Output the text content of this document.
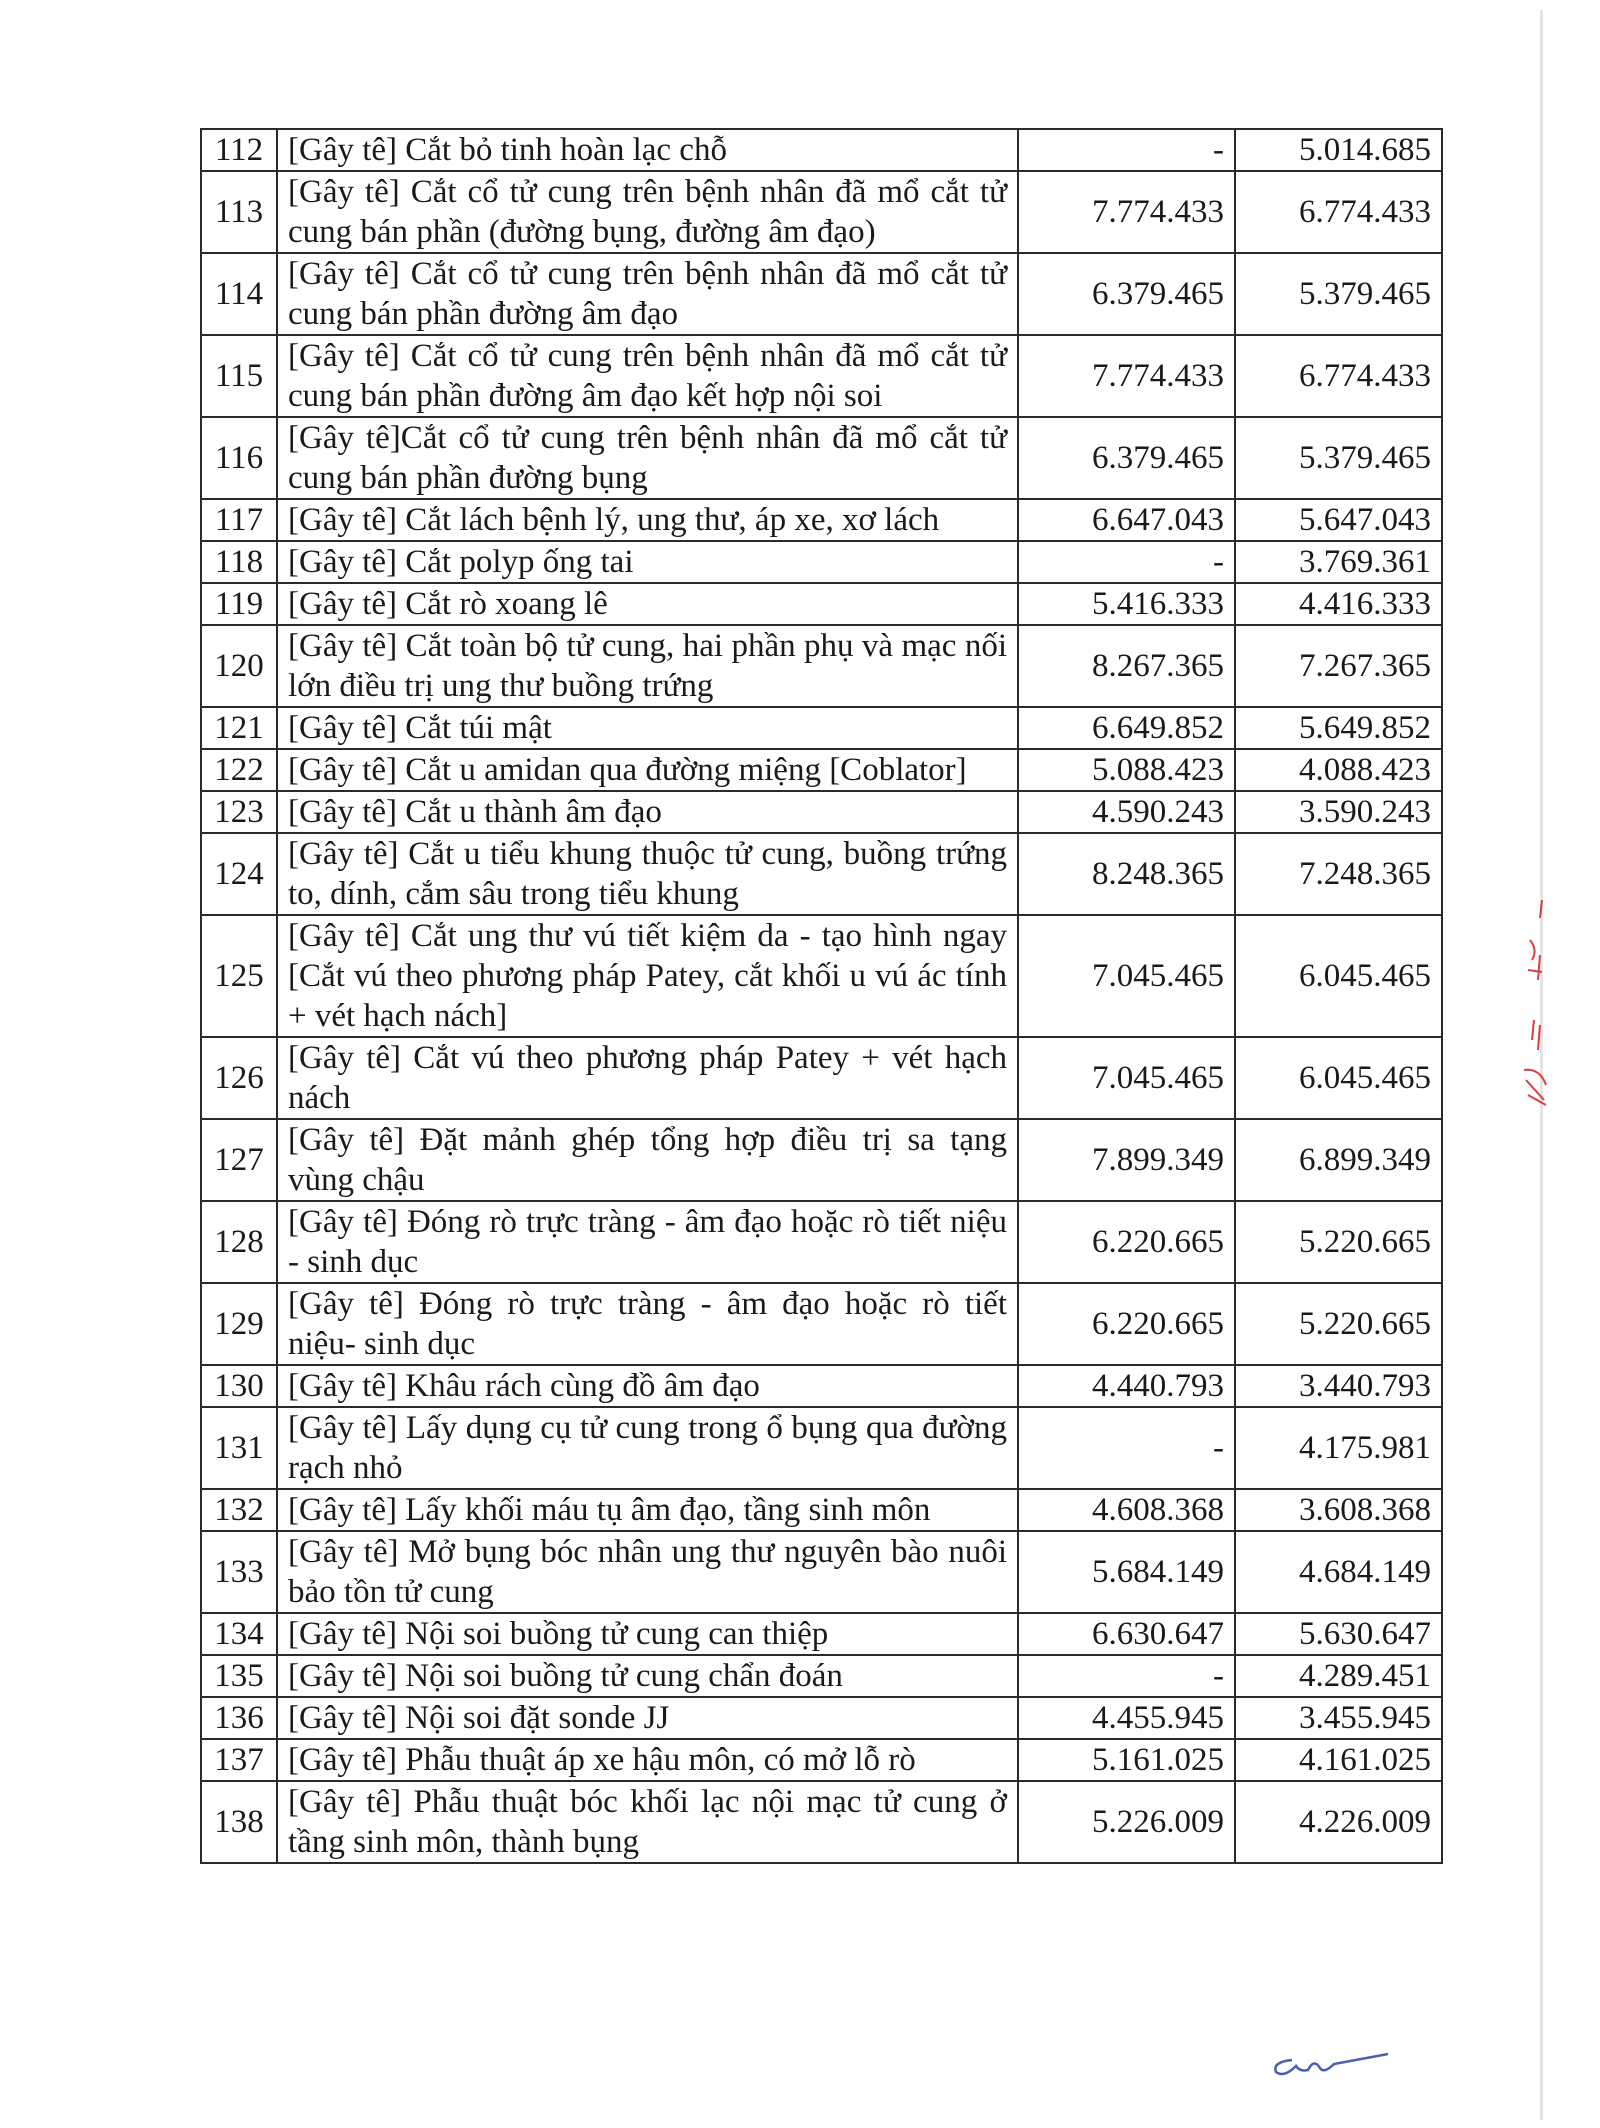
112	[Gây tê] Cắt bỏ tinh hoàn lạc chỗ	-	5.014.685
113	[Gây tê] Cắt cổ tử cung trên bệnh nhân đã mổ cắt tử cung bán phần (đường bụng, đường âm đạo)	7.774.433	6.774.433
114	[Gây tê] Cắt cổ tử cung trên bệnh nhân đã mổ cắt tử cung bán phần đường âm đạo	6.379.465	5.379.465
115	[Gây tê] Cắt cổ tử cung trên bệnh nhân đã mổ cắt tử cung bán phần đường âm đạo kết hợp nội soi	7.774.433	6.774.433
116	[Gây tê]Cắt cổ tử cung trên bệnh nhân đã mổ cắt tử cung bán phần đường bụng	6.379.465	5.379.465
117	[Gây tê] Cắt lách bệnh lý, ung thư, áp xe, xơ lách	6.647.043	5.647.043
118	[Gây tê] Cắt polyp ống tai	-	3.769.361
119	[Gây tê] Cắt rò xoang lê	5.416.333	4.416.333
120	[Gây tê] Cắt toàn bộ tử cung, hai phần phụ và mạc nối lớn điều trị ung thư buồng trứng	8.267.365	7.267.365
121	[Gây tê] Cắt túi mật	6.649.852	5.649.852
122	[Gây tê] Cắt u amidan qua đường miệng [Coblator]	5.088.423	4.088.423
123	[Gây tê] Cắt u thành âm đạo	4.590.243	3.590.243
124	[Gây tê] Cắt u tiểu khung thuộc tử cung, buồng trứng to, dính, cắm sâu trong tiểu khung	8.248.365	7.248.365
125	[Gây tê] Cắt ung thư vú tiết kiệm da - tạo hình ngay [Cắt vú theo phương pháp Patey, cắt khối u vú ác tính + vét hạch nách]	7.045.465	6.045.465
126	[Gây tê] Cắt vú theo phương pháp Patey + vét hạch nách	7.045.465	6.045.465
127	[Gây tê] Đặt mảnh ghép tổng hợp điều trị sa tạng vùng chậu	7.899.349	6.899.349
128	[Gây tê] Đóng rò trực tràng - âm đạo hoặc rò tiết niệu - sinh dục	6.220.665	5.220.665
129	[Gây tê] Đóng rò trực tràng - âm đạo hoặc rò tiết niệu- sinh dục	6.220.665	5.220.665
130	[Gây tê] Khâu rách cùng đồ âm đạo	4.440.793	3.440.793
131	[Gây tê] Lấy dụng cụ tử cung trong ổ bụng qua đường rạch nhỏ	-	4.175.981
132	[Gây tê] Lấy khối máu tụ âm đạo, tầng sinh môn	4.608.368	3.608.368
133	[Gây tê] Mở bụng bóc nhân ung thư nguyên bào nuôi bảo tồn tử cung	5.684.149	4.684.149
134	[Gây tê] Nội soi buồng tử cung can thiệp	6.630.647	5.630.647
135	[Gây tê] Nội soi buồng tử cung chẩn đoán	-	4.289.451
136	[Gây tê] Nội soi đặt sonde JJ	4.455.945	3.455.945
137	[Gây tê] Phẫu thuật áp xe hậu môn, có mở lỗ rò	5.161.025	4.161.025
138	[Gây tê] Phẫu thuật bóc khối lạc nội mạc tử cung ở tầng sinh môn, thành bụng	5.226.009	4.226.009
